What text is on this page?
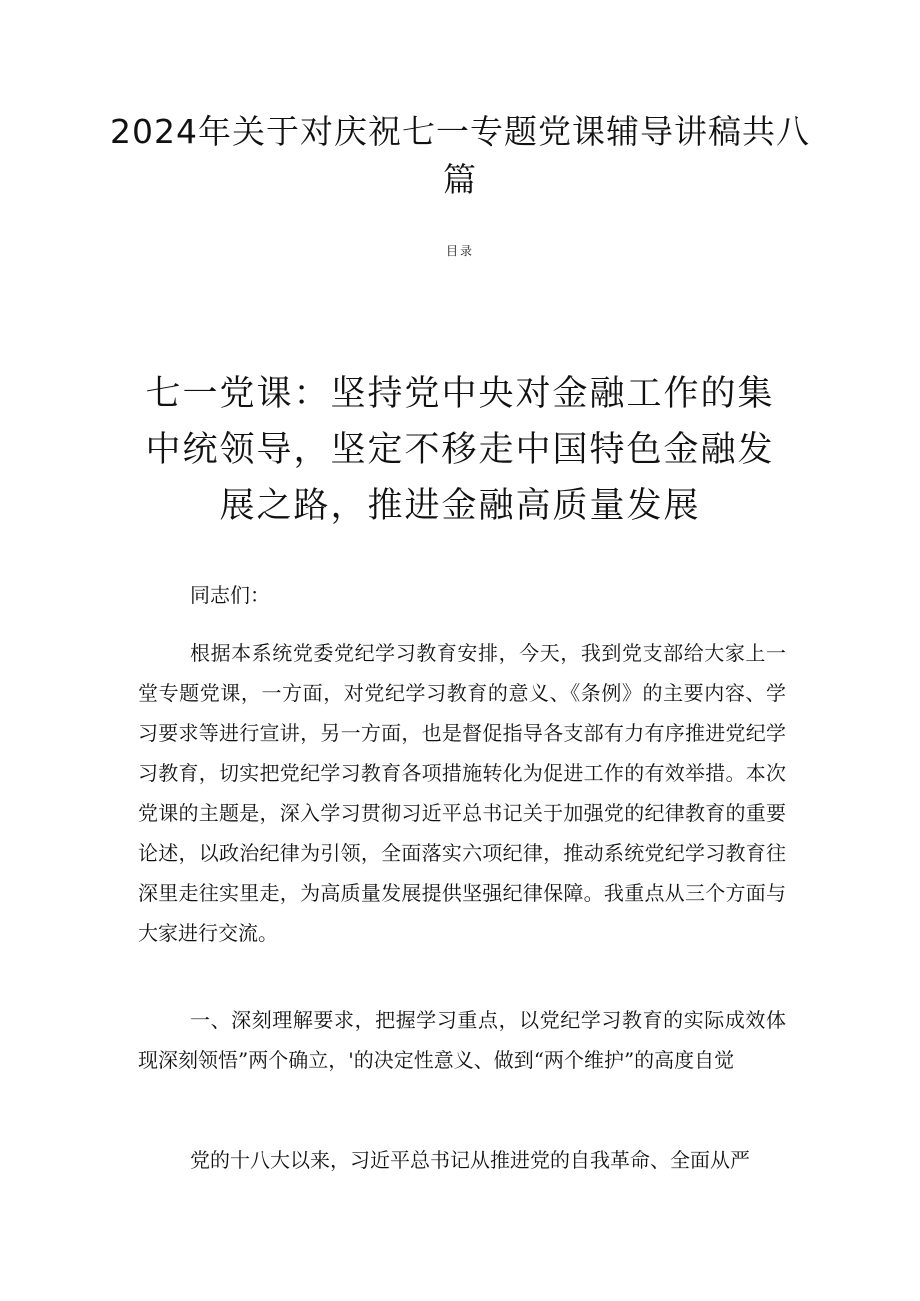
2024年关于对庆祝七一专题党课辅导讲稿共八篇
目录
七一党课：坚持党中央对金融工作的集中统领导，坚定不移走中国特色金融发展之路，推进金融高质量发展

同志们：

根据本系统党委党纪学习教育安排，今天，我到党支部给大家上一堂专题党课，一方面，对党纪学习教育的意义、《条例》的主要内容、学习要求等进行宣讲，另一方面，也是督促指导各支部有力有序推进党纪学习教育，切实把党纪学习教育各项措施转化为促进工作的有效举措。本次党课的主题是，深入学习贯彻习近平总书记关于加强党的纪律教育的重要论述，以政治纪律为引领，全面落实六项纪律，推动系统党纪学习教育往深里走往实里走，为高质量发展提供坚强纪律保障。我重点从三个方面与大家进行交流。

一、深刻理解要求，把握学习重点，以党纪学习教育的实际成效体现深刻领悟”两个确立，'的决定性意义、做到“两个维护”的高度自觉

党的十八大以来，习近平总书记从推进党的自我革命、全面从严
